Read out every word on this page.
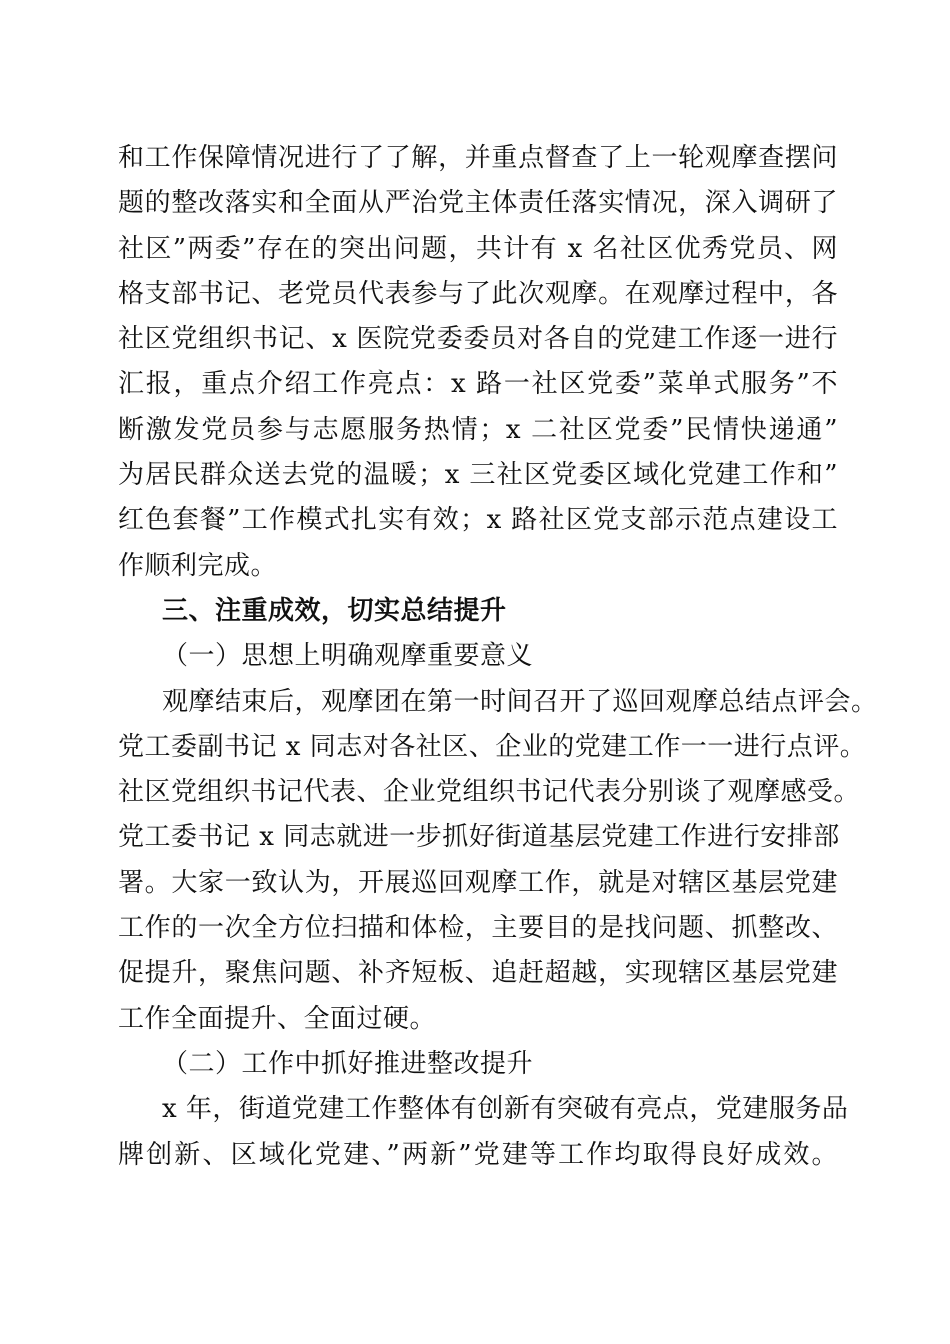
和工作保障情况进行了了解，并重点督查了上一轮观摩查摆问
题的整改落实和全面从严治党主体责任落实情况，深入调研了
社区”两委”存在的突出问题，共计有 x 名社区优秀党员、网
格支部书记、老党员代表参与了此次观摩。在观摩过程中，各
社区党组织书记、x 医院党委委员对各自的党建工作逐一进行
汇报，重点介绍工作亮点：x 路一社区党委”菜单式服务”不
断激发党员参与志愿服务热情；x 二社区党委”民情快递通”
为居民群众送去党的温暖；x 三社区党委区域化党建工作和”
红色套餐”工作模式扎实有效；x 路社区党支部示范点建设工
作顺利完成。
三、注重成效，切实总结提升
（一）思想上明确观摩重要意义
观摩结束后，观摩团在第一时间召开了巡回观摩总结点评会。
党工委副书记 x 同志对各社区、企业的党建工作一一进行点评。
社区党组织书记代表、企业党组织书记代表分别谈了观摩感受。
党工委书记 x 同志就进一步抓好街道基层党建工作进行安排部
署。大家一致认为，开展巡回观摩工作，就是对辖区基层党建
工作的一次全方位扫描和体检，主要目的是找问题、抓整改、
促提升，聚焦问题、补齐短板、追赶超越，实现辖区基层党建
工作全面提升、全面过硬。
（二）工作中抓好推进整改提升
x 年，街道党建工作整体有创新有突破有亮点，党建服务品
牌创新、区域化党建、”两新”党建等工作均取得良好成效。
